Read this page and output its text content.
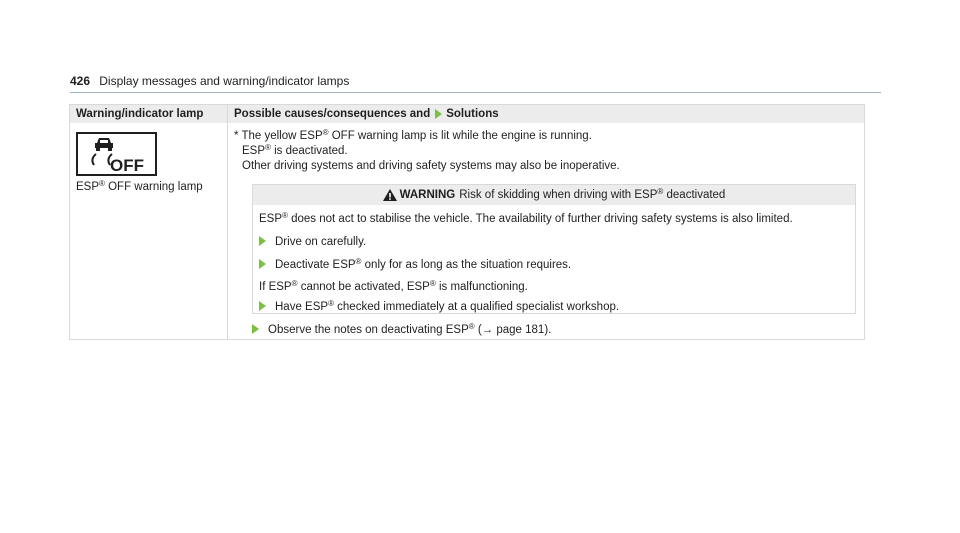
426 Display messages and warning/indicator lamps
Warning/indicator lamp	Possible causes/consequences and Solutions
OFF
ESP® OFF warning lamp

* The yellow ESP® OFF warning lamp is lit while the engine is running.

ESP® is deactivated.

Other driving systems and driving safety systems may also be inoperative.

WARNING Risk of skidding when driving with ESP® deactivated
ESP® does not act to stabilise the vehicle. The availability of further driving safety systems is also limited.
Drive on carefully.
Deactivate ESP® only for as long as the situation requires.
If ESP® cannot be activated, ESP® is malfunctioning.
Have ESP® checked immediately at a qualified specialist workshop.
Observe the notes on deactivating ESP® (→ page 181).
